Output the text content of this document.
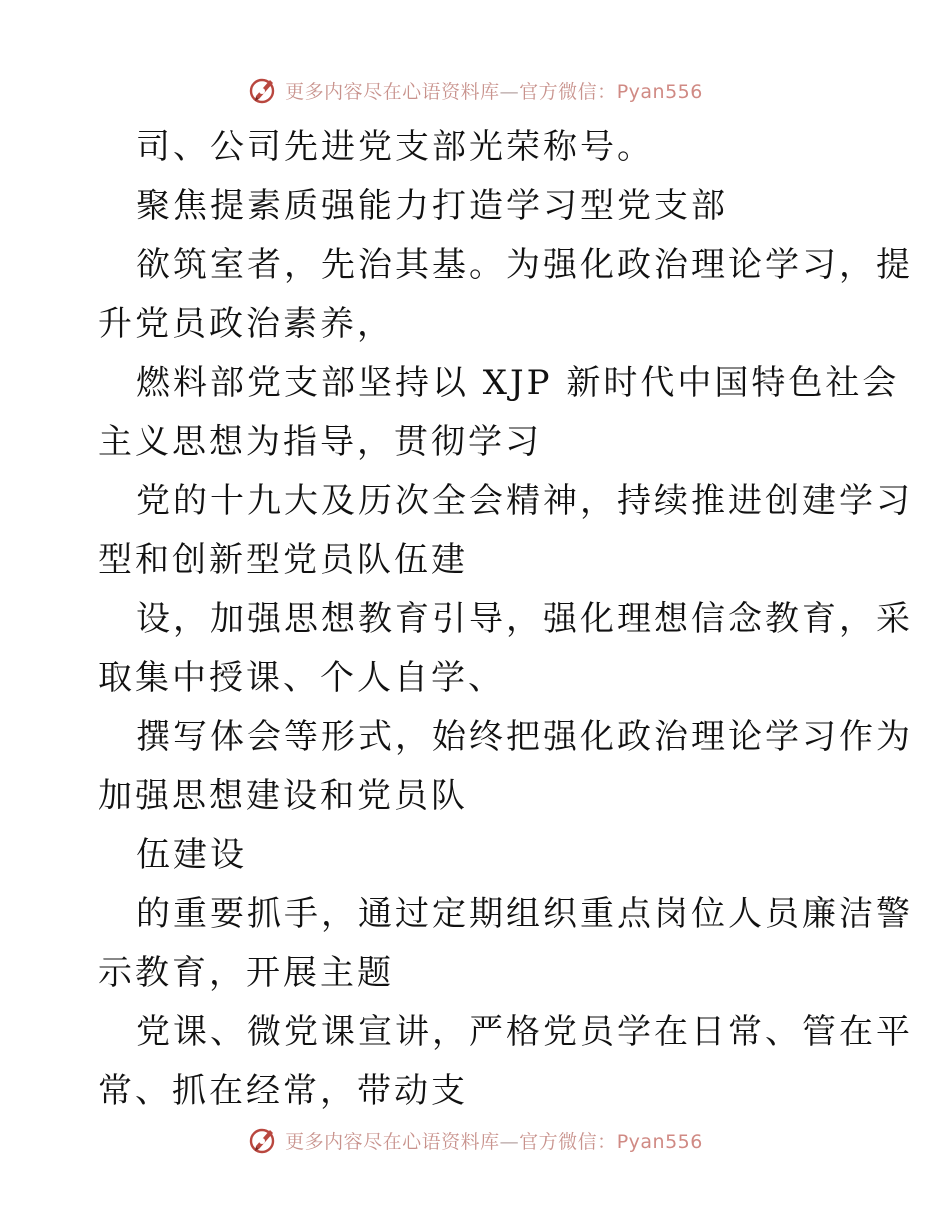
更多内容尽在心语资料库—官方微信：Pyan556
司、公司先进党支部光荣称号。
聚焦提素质强能力打造学习型党支部
欲筑室者，先治其基。为强化政治理论学习，提
升党员政治素养，
燃料部党支部坚持以 XJP 新时代中国特色社会
主义思想为指导，贯彻学习
党的十九大及历次全会精神，持续推进创建学习
型和创新型党员队伍建
设，加强思想教育引导，强化理想信念教育，采
取集中授课、个人自学、
撰写体会等形式，始终把强化政治理论学习作为
加强思想建设和党员队
伍建设
的重要抓手，通过定期组织重点岗位人员廉洁警
示教育，开展主题
党课、微党课宣讲，严格党员学在日常、管在平
常、抓在经常，带动支
更多内容尽在心语资料库—官方微信：Pyan556
